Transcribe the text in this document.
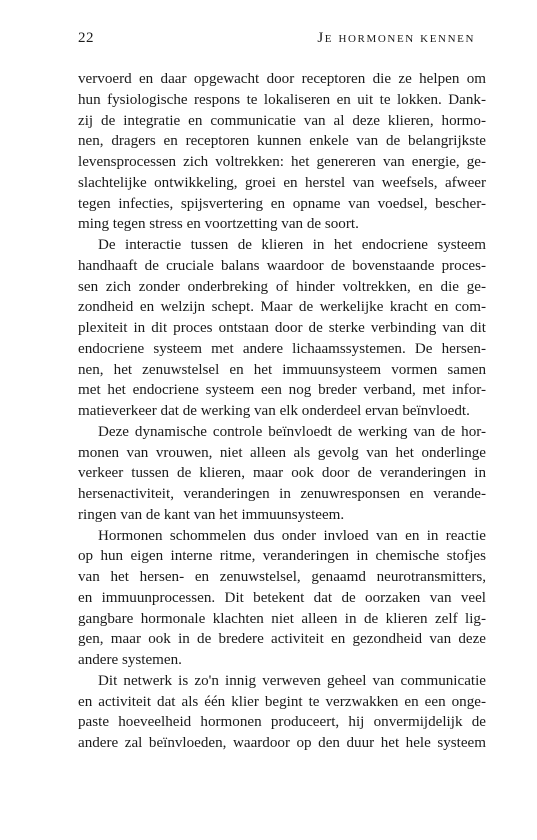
22	Je hormonen kennen
vervoerd en daar opgewacht door receptoren die ze helpen om
hun fysiologische respons te lokaliseren en uit te lokken. Dank-
zij de integratie en communicatie van al deze klieren, hormo-
nen, dragers en receptoren kunnen enkele van de belangrijkste
levensprocessen zich voltrekken: het genereren van energie, ge-
slachtelijke ontwikkeling, groei en herstel van weefsels, afweer
tegen infecties, spijsvertering en opname van voedsel, bescher-
ming tegen stress en voortzetting van de soort.
De interactie tussen de klieren in het endocriene systeem
handhaaft de cruciale balans waardoor de bovenstaande proces-
sen zich zonder onderbreking of hinder voltrekken, en die ge-
zondheid en welzijn schept. Maar de werkelijke kracht en com-
plexiteit in dit proces ontstaan door de sterke verbinding van dit
endocriene systeem met andere lichaamssystemen. De hersen-
nen, het zenuwstelsel en het immuunsysteem vormen samen
met het endocriene systeem een nog breder verband, met infor-
matieverkeer dat de werking van elk onderdeel ervan beïnvloedt.
Deze dynamische controle beïnvloedt de werking van de hor-
monen van vrouwen, niet alleen als gevolg van het onderlinge
verkeer tussen de klieren, maar ook door de veranderingen in
hersenactiviteit, veranderingen in zenuwresponsen en verande-
ringen van de kant van het immuunsysteem.
Hormonen schommelen dus onder invloed van en in reactie
op hun eigen interne ritme, veranderingen in chemische stofjes
van het hersen- en zenuwstelsel, genaamd neurotransmitters,
en immuunprocessen. Dit betekent dat de oorzaken van veel
gangbare hormonale klachten niet alleen in de klieren zelf lig-
gen, maar ook in de bredere activiteit en gezondheid van deze
andere systemen.
Dit netwerk is zo'n innig verweven geheel van communicatie
en activiteit dat als één klier begint te verzwakken en een onge-
paste hoeveelheid hormonen produceert, hij onvermijdelijk de
andere zal beïnvloeden, waardoor op den duur het hele systeem
